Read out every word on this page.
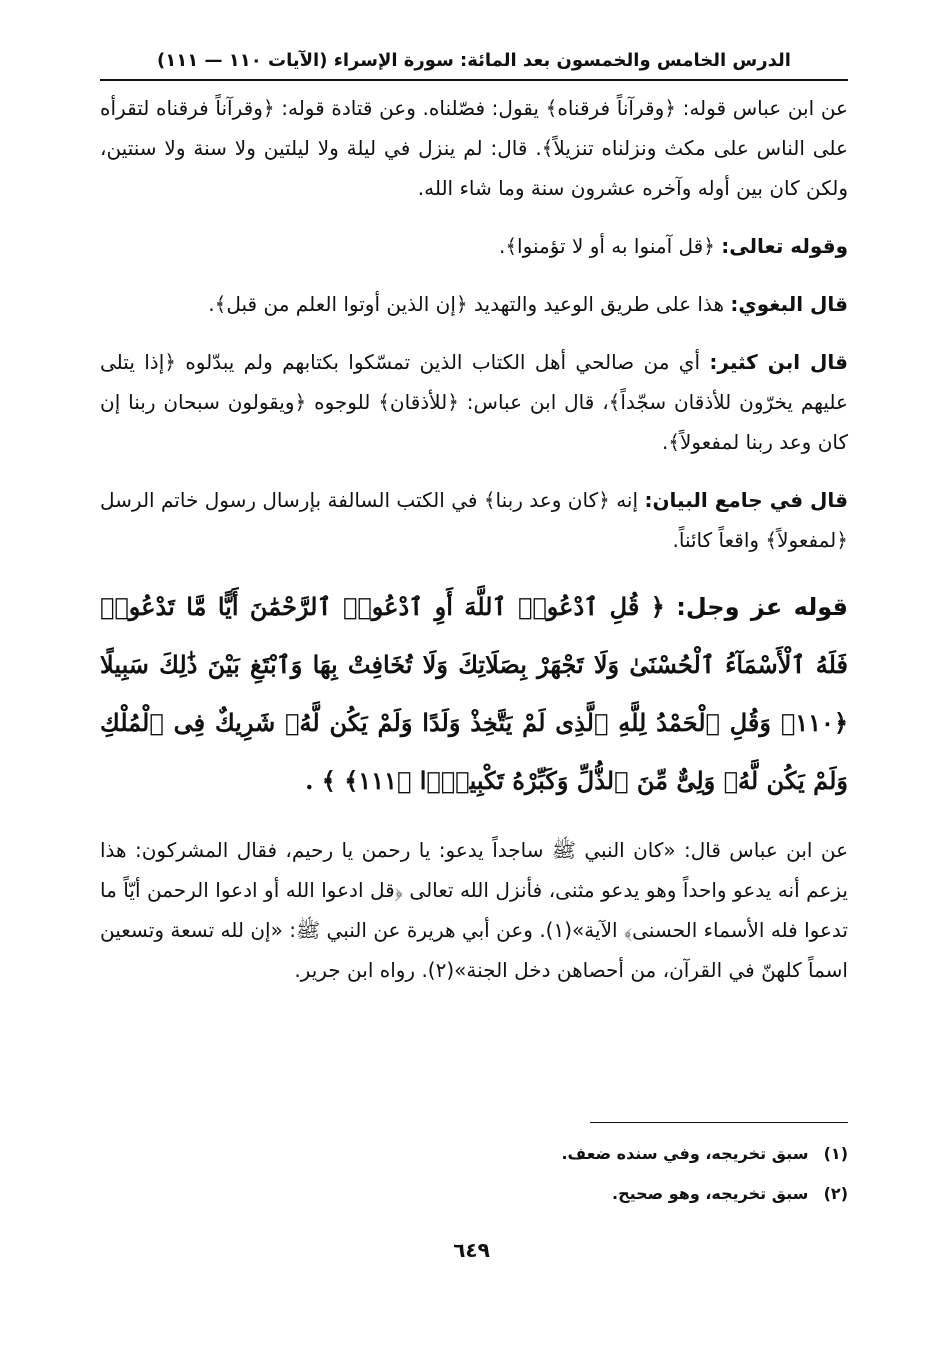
الدرس الخامس والخمسون بعد المائة: سورة الإسراء (الآيات ١١٠ — ١١١)

عن ابن عباس قوله: ﴿وقرآناً فرقناه﴾ يقول: فصّلناه. وعن قتادة قوله: ﴿وقرآناً فرقناه لتقرأه على الناس على مكث ونزلناه تنزيلاً﴾. قال: لم ينزل في ليلة ولا ليلتين ولا سنة ولا سنتين، ولكن كان بين أوله وآخره عشرون سنة وما شاء الله.

وقوله تعالى: ﴿قل آمنوا به أو لا تؤمنوا﴾.

قال البغوي: هذا على طريق الوعيد والتهديد ﴿إن الذين أوتوا العلم من قبل﴾.

قال ابن كثير: أي من صالحي أهل الكتاب الذين تمسّكوا بكتابهم ولم يبدّلوه ﴿إذا يتلى عليهم يخرّون للأذقان سجّداً﴾، قال ابن عباس: ﴿للأذقان﴾ للوجوه ﴿ويقولون سبحان ربنا إن كان وعد ربنا لمفعولاً﴾.

قال في جامع البيان: إنه ﴿كان وعد ربنا﴾ في الكتب السالفة بإرسال رسول خاتم الرسل ﴿لمفعولاً﴾ واقعاً كائناً.

قوله عز وجل: ﴿ قُلِ ٱدْعُوا۟ ٱللَّهَ أَوِ ٱدْعُوا۟ ٱلرَّحْمَٰنَ أَيًّا مَّا تَدْعُوا۟ فَلَهُ ٱلْأَسْمَآءُ ٱلْحُسْنَىٰ وَلَا تَجْهَرْ بِصَلَاتِكَ وَلَا تُخَافِتْ بِهَا وَٱبْتَغِ بَيْنَ ذَٰلِكَ سَبِيلًا ﴿١١٠﴾ وَقُلِ ٱلْحَمْدُ لِلَّهِ ٱلَّذِى لَمْ يَتَّخِذْ وَلَدًا وَلَمْ يَكُن لَّهُۥ شَرِيكٌ فِى ٱلْمُلْكِ وَلَمْ يَكُن لَّهُۥ وَلِىٌّ مِّنَ ٱلذُّلِّ وَكَبِّرْهُ تَكْبِيرًۢا ﴿١١١﴾ ﴾ .

عن ابن عباس قال: «كان النبي ﷺ ساجداً يدعو: يا رحمن يا رحيم، فقال المشركون: هذا يزعم أنه يدعو واحداً وهو يدعو مثنى، فأنزل الله تعالى ﴿قل ادعوا الله أو ادعوا الرحمن أيّاً ما تدعوا فله الأسماء الحسنى﴾ الآية»(١). وعن أبي هريرة عن النبي ﷺ: «إن لله تسعة وتسعين اسماً كلهنّ في القرآن، من أحصاهن دخل الجنة»(٢). رواه ابن جرير.

(١) سبق تخريجه، وفي سنده ضعف.
(٢) سبق تخريجه، وهو صحيح.
٦٤٩
